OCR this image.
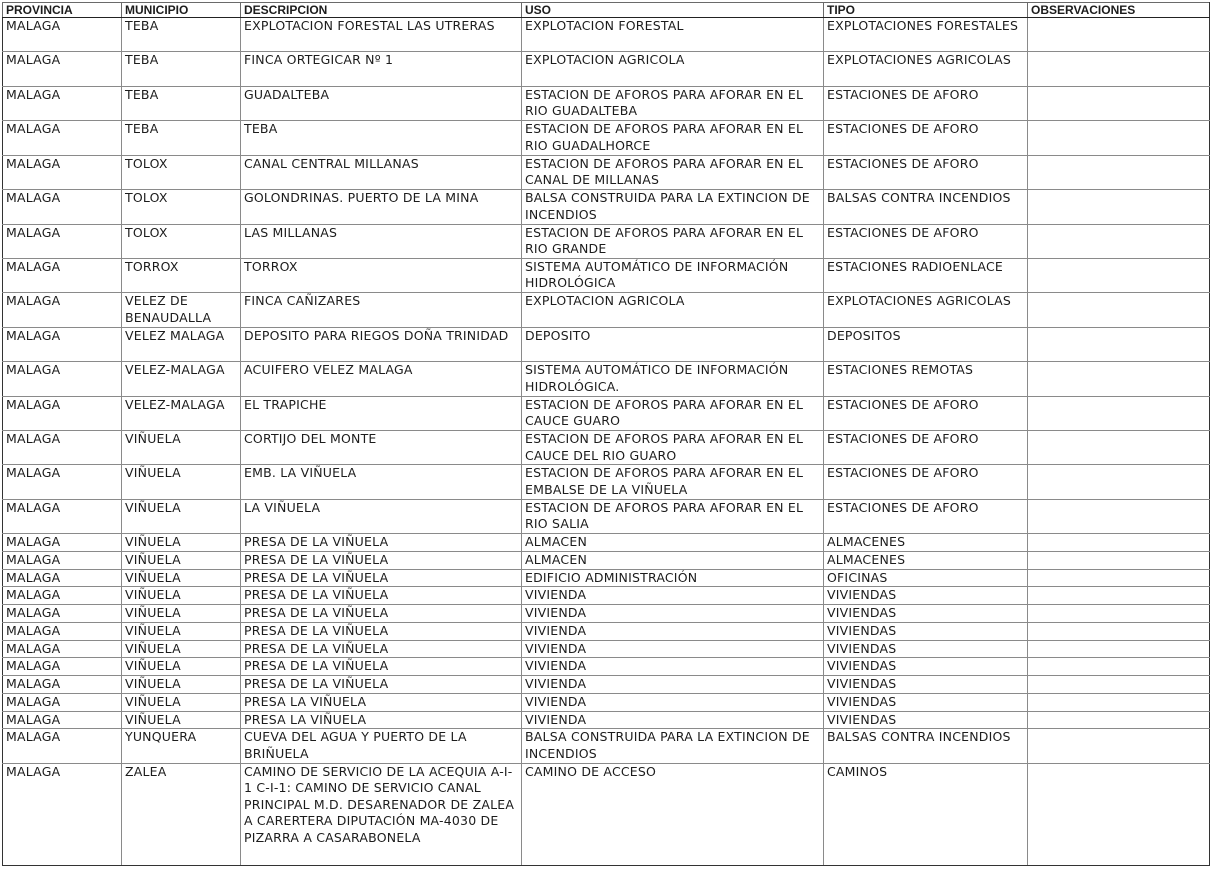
PROVINCIA	MUNICIPIO	DESCRIPCION	USO	TIPO	OBSERVACIONES
MALAGA	TEBA	EXPLOTACION FORESTAL LAS UTRERAS	EXPLOTACION FORESTAL	EXPLOTACIONES FORESTALES	
MALAGA	TEBA	FINCA ORTEGICAR Nº 1	EXPLOTACION AGRICOLA	EXPLOTACIONES AGRICOLAS	
MALAGA	TEBA	GUADALTEBA	ESTACION DE AFOROS PARA AFORAR EN EL RIO GUADALTEBA	ESTACIONES DE AFORO	
MALAGA	TEBA	TEBA	ESTACION DE AFOROS PARA AFORAR EN EL RIO GUADALHORCE	ESTACIONES DE AFORO	
MALAGA	TOLOX	CANAL CENTRAL MILLANAS	ESTACION DE AFOROS PARA AFORAR EN EL CANAL DE MILLANAS	ESTACIONES DE AFORO	
MALAGA	TOLOX	GOLONDRINAS. PUERTO DE LA MINA	BALSA CONSTRUIDA PARA LA EXTINCION DE INCENDIOS	BALSAS CONTRA INCENDIOS	
MALAGA	TOLOX	LAS MILLANAS	ESTACION DE AFOROS PARA AFORAR EN EL RIO GRANDE	ESTACIONES DE AFORO	
MALAGA	TORROX	TORROX	SISTEMA AUTOMÁTICO DE INFORMACIÓN HIDROLÓGICA	ESTACIONES RADIOENLACE	
MALAGA	VELEZ DE BENAUDALLA	FINCA CAÑIZARES	EXPLOTACION AGRICOLA	EXPLOTACIONES AGRICOLAS	
MALAGA	VELEZ MALAGA	DEPOSITO PARA RIEGOS DOÑA TRINIDAD	DEPOSITO	DEPOSITOS	
MALAGA	VELEZ-MALAGA	ACUIFERO VELEZ MALAGA	SISTEMA AUTOMÁTICO DE INFORMACIÓN HIDROLÓGICA.	ESTACIONES REMOTAS	
MALAGA	VELEZ-MALAGA	EL TRAPICHE	ESTACION DE AFOROS PARA AFORAR EN EL CAUCE GUARO	ESTACIONES DE AFORO	
MALAGA	VIÑUELA	CORTIJO DEL MONTE	ESTACION DE AFOROS PARA AFORAR EN EL CAUCE DEL RIO GUARO	ESTACIONES DE AFORO	
MALAGA	VIÑUELA	EMB. LA VIÑUELA	ESTACION DE AFOROS PARA AFORAR EN EL EMBALSE DE LA VIÑUELA	ESTACIONES DE AFORO	
MALAGA	VIÑUELA	LA VIÑUELA	ESTACION DE AFOROS PARA AFORAR EN EL RIO SALIA	ESTACIONES DE AFORO	
MALAGA	VIÑUELA	PRESA DE LA VIÑUELA	ALMACEN	ALMACENES	
MALAGA	VIÑUELA	PRESA DE LA VIÑUELA	ALMACEN	ALMACENES	
MALAGA	VIÑUELA	PRESA DE LA VIÑUELA	EDIFICIO ADMINISTRACIÓN	OFICINAS	
MALAGA	VIÑUELA	PRESA DE LA VIÑUELA	VIVIENDA	VIVIENDAS	
MALAGA	VIÑUELA	PRESA DE LA VIÑUELA	VIVIENDA	VIVIENDAS	
MALAGA	VIÑUELA	PRESA DE LA VIÑUELA	VIVIENDA	VIVIENDAS	
MALAGA	VIÑUELA	PRESA DE LA VIÑUELA	VIVIENDA	VIVIENDAS	
MALAGA	VIÑUELA	PRESA DE LA VIÑUELA	VIVIENDA	VIVIENDAS	
MALAGA	VIÑUELA	PRESA DE LA VIÑUELA	VIVIENDA	VIVIENDAS	
MALAGA	VIÑUELA	PRESA LA VIÑUELA	VIVIENDA	VIVIENDAS	
MALAGA	VIÑUELA	PRESA LA VIÑUELA	VIVIENDA	VIVIENDAS	
MALAGA	YUNQUERA	CUEVA DEL AGUA Y PUERTO DE LA BRIÑUELA	BALSA CONSTRUIDA PARA LA EXTINCION DE INCENDIOS	BALSAS CONTRA INCENDIOS	
MALAGA	ZALEA	CAMINO DE SERVICIO DE LA ACEQUIA A-I-1 C-I-1: CAMINO DE SERVICIO CANAL PRINCIPAL M.D. DESARENADOR DE ZALEA A CARERTERA DIPUTACIÓN MA-4030 DE PIZARRA A CASARABONELA	CAMINO DE ACCESO	CAMINOS	
